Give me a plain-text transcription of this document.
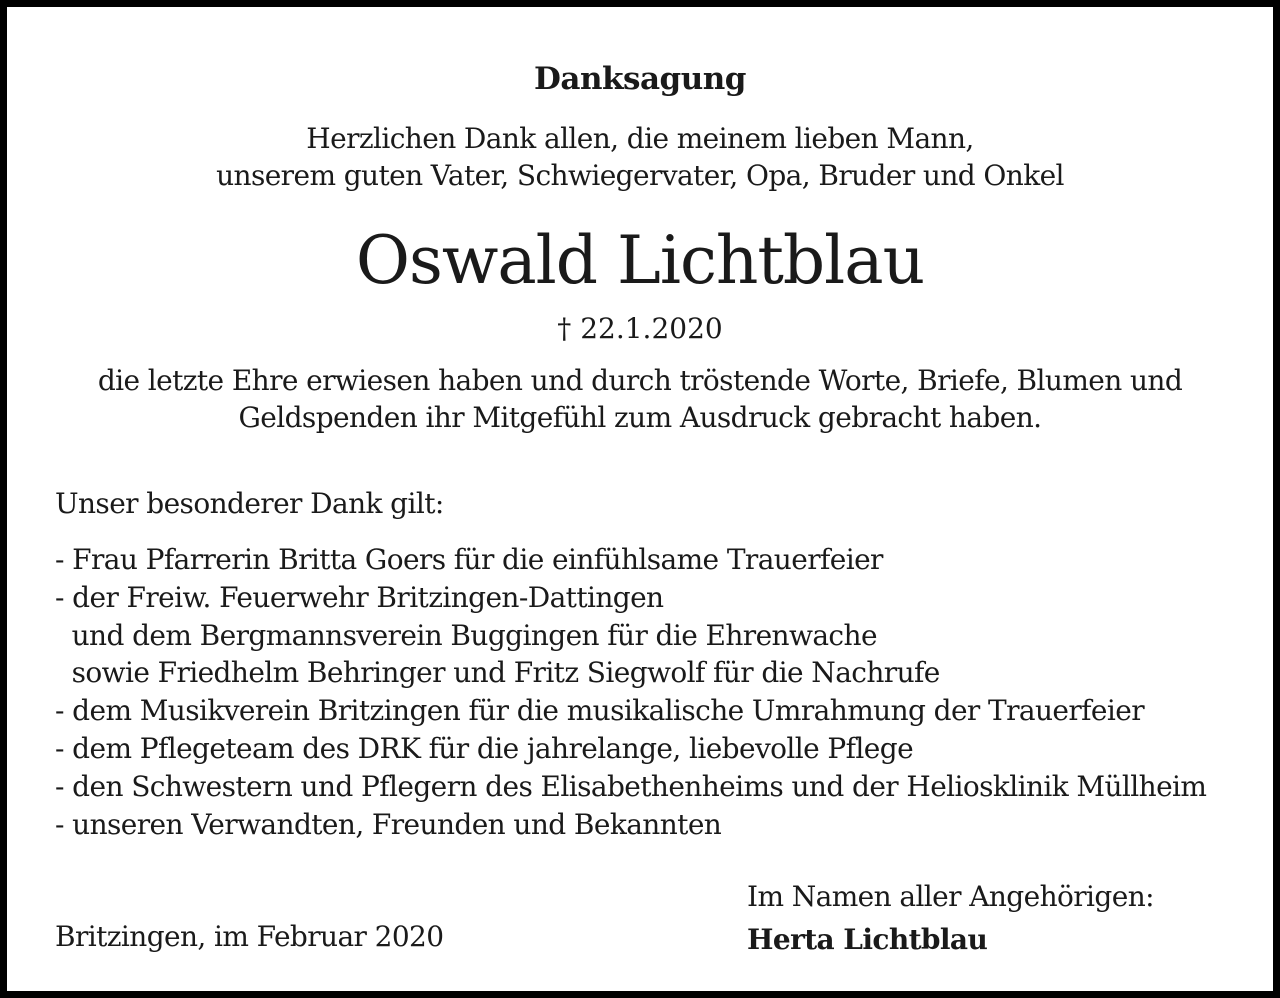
Danksagung
Herzlichen Dank allen, die meinem lieben Mann,
unserem guten Vater, Schwiegervater, Opa, Bruder und Onkel
Oswald Lichtblau
† 22.1.2020
die letzte Ehre erwiesen haben und durch tröstende Worte, Briefe, Blumen und
Geldspenden ihr Mitgefühl zum Ausdruck gebracht haben.
Unser besonderer Dank gilt:
- Frau Pfarrerin Britta Goers für die einfühlsame Trauerfeier
- der Freiw. Feuerwehr Britzingen-Dattingen
und dem Bergmannsverein Buggingen für die Ehrenwache
sowie Friedhelm Behringer und Fritz Siegwolf für die Nachrufe
- dem Musikverein Britzingen für die musikalische Umrahmung der Trauerfeier
- dem Pflegeteam des DRK für die jahrelange, liebevolle Pflege
- den Schwestern und Pflegern des Elisabethenheims und der Heliosklinik Müllheim
- unseren Verwandten, Freunden und Bekannten
Britzingen, im Februar 2020
Im Namen aller Angehörigen:
Herta Lichtblau
